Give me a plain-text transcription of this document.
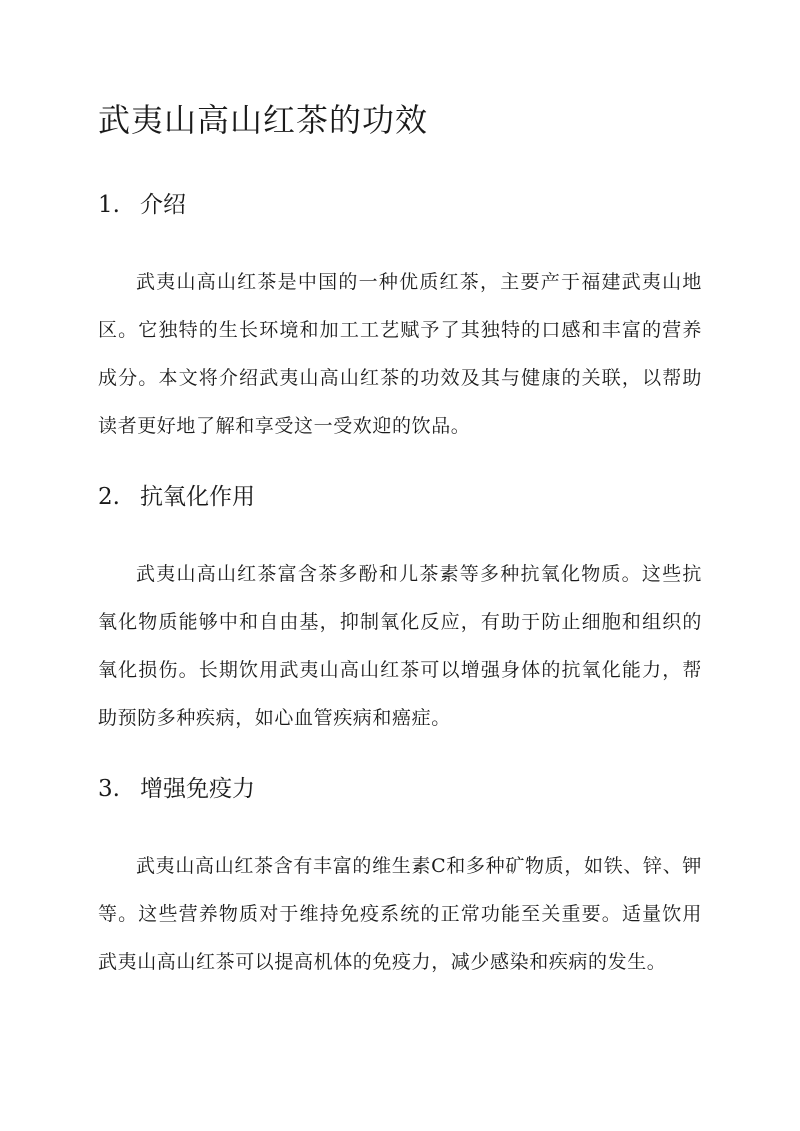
武夷山高山红茶的功效
1. 介绍

武夷山高山红茶是中国的一种优质红茶，主要产于福建武夷山地区。它独特的生长环境和加工工艺赋予了其独特的口感和丰富的营养成分。本文将介绍武夷山高山红茶的功效及其与健康的关联，以帮助读者更好地了解和享受这一受欢迎的饮品。

2. 抗氧化作用

武夷山高山红茶富含茶多酚和儿茶素等多种抗氧化物质。这些抗氧化物质能够中和自由基，抑制氧化反应，有助于防止细胞和组织的氧化损伤。长期饮用武夷山高山红茶可以增强身体的抗氧化能力，帮助预防多种疾病，如心血管疾病和癌症。

3. 增强免疫力

武夷山高山红茶含有丰富的维生素C和多种矿物质，如铁、锌、钾等。这些营养物质对于维持免疫系统的正常功能至关重要。适量饮用武夷山高山红茶可以提高机体的免疫力，减少感染和疾病的发生。
